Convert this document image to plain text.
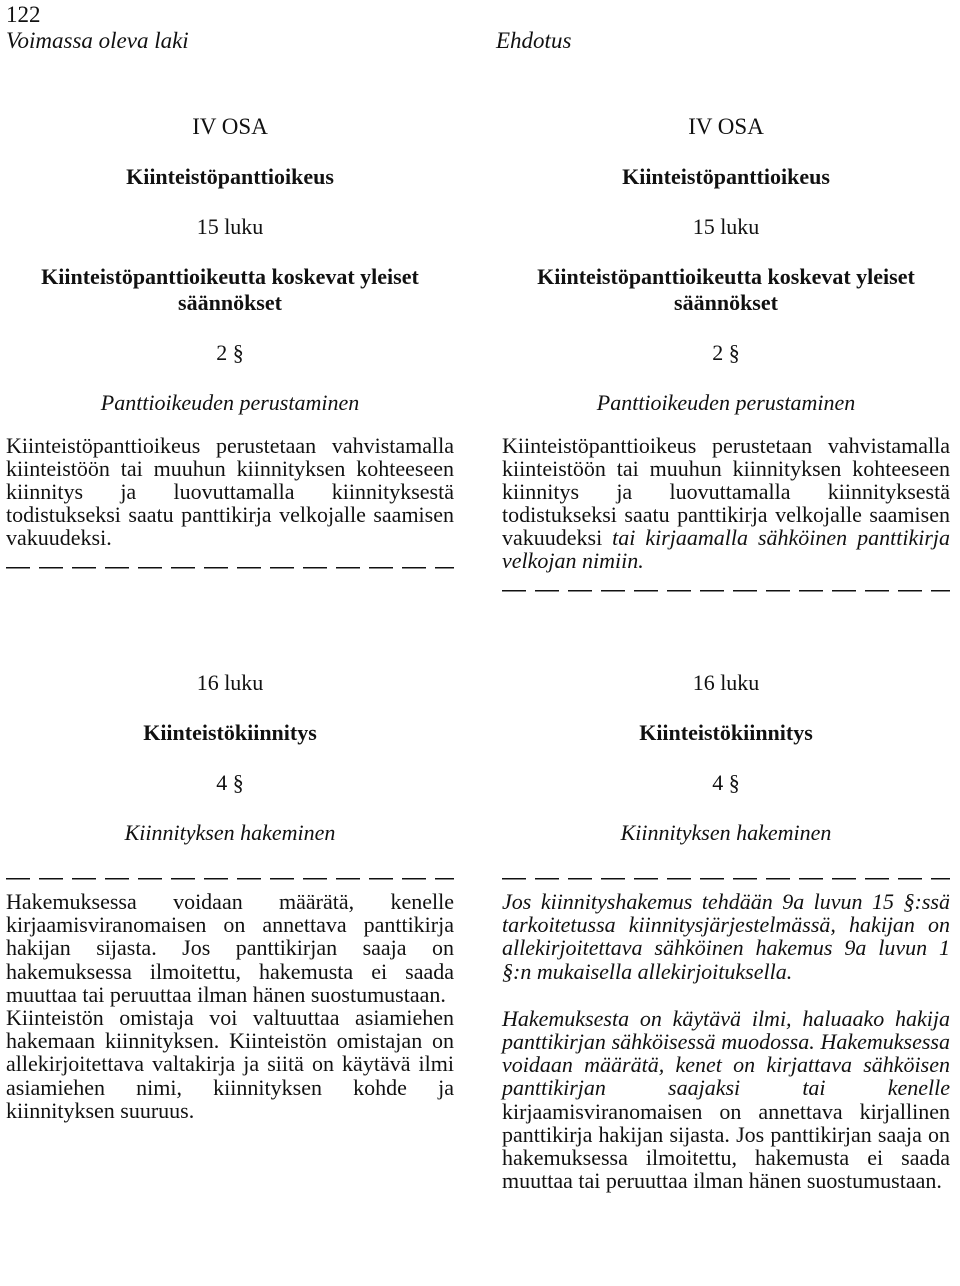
122
Voimassa oleva laki	Ehdotus
IV OSA
Kiinteistöpanttioikeus
15 luku
Kiinteistöpanttioikeutta koskevat yleiset säännökset
2 §
Panttioikeuden perustaminen
Kiinteistöpanttioikeus perustetaan vahvistamalla kiinteistöön tai muuhun kiinnityksen kohteeseen kiinnitys ja luovuttamalla kiinnityksestä todistukseksi saatu panttikirja velkojalle saamisen vakuudeksi.
IV OSA
Kiinteistöpanttioikeus
15 luku
Kiinteistöpanttioikeutta koskevat yleiset säännökset
2 §
Panttioikeuden perustaminen
Kiinteistöpanttioikeus perustetaan vahvistamalla kiinteistöön tai muuhun kiinnityksen kohteeseen kiinnitys ja luovuttamalla kiinnityksestä todistukseksi saatu panttikirja velkojalle saamisen vakuudeksi tai kirjaamalla sähköinen panttikirja velkojan nimiin.
16 luku
Kiinteistökiinnitys
4 §
Kiinnityksen hakeminen
Hakemuksessa voidaan määrätä, kenelle kirjaamisviranomaisen on annettava panttikirja hakijan sijasta. Jos panttikirjan saaja on hakemuksessa ilmoitettu, hakemusta ei saada muuttaa tai peruuttaa ilman hänen suostumustaan.
Kiinteistön omistaja voi valtuuttaa asiamiehen hakemaan kiinnityksen. Kiinteistön omistajan on allekirjoitettava valtakirja ja siitä on käytävä ilmi asiamiehen nimi, kiinnityksen kohde ja kiinnityksen suuruus.
16 luku
Kiinteistökiinnitys
4 §
Kiinnityksen hakeminen
Jos kiinnityshakemus tehdään 9a luvun 15 §:ssä tarkoitetussa kiinnitysjärjestelmässä, hakijan on allekirjoitettava sähköinen hakemus 9a luvun 1 §:n mukaisella allekirjoituksella.
Hakemuksesta on käytävä ilmi, haluaako hakija panttikirjan sähköisessä muodossa. Hakemuksessa voidaan määrätä, kenet on kirjattava sähköisen panttikirjan saajaksi tai kenelle kirjaamisviranomaisen on annettava kirjallinen panttikirja hakijan sijasta. Jos panttikirjan saaja on hakemuksessa ilmoitettu, hakemusta ei saada muuttaa tai peruuttaa ilman hänen suostumustaan.
